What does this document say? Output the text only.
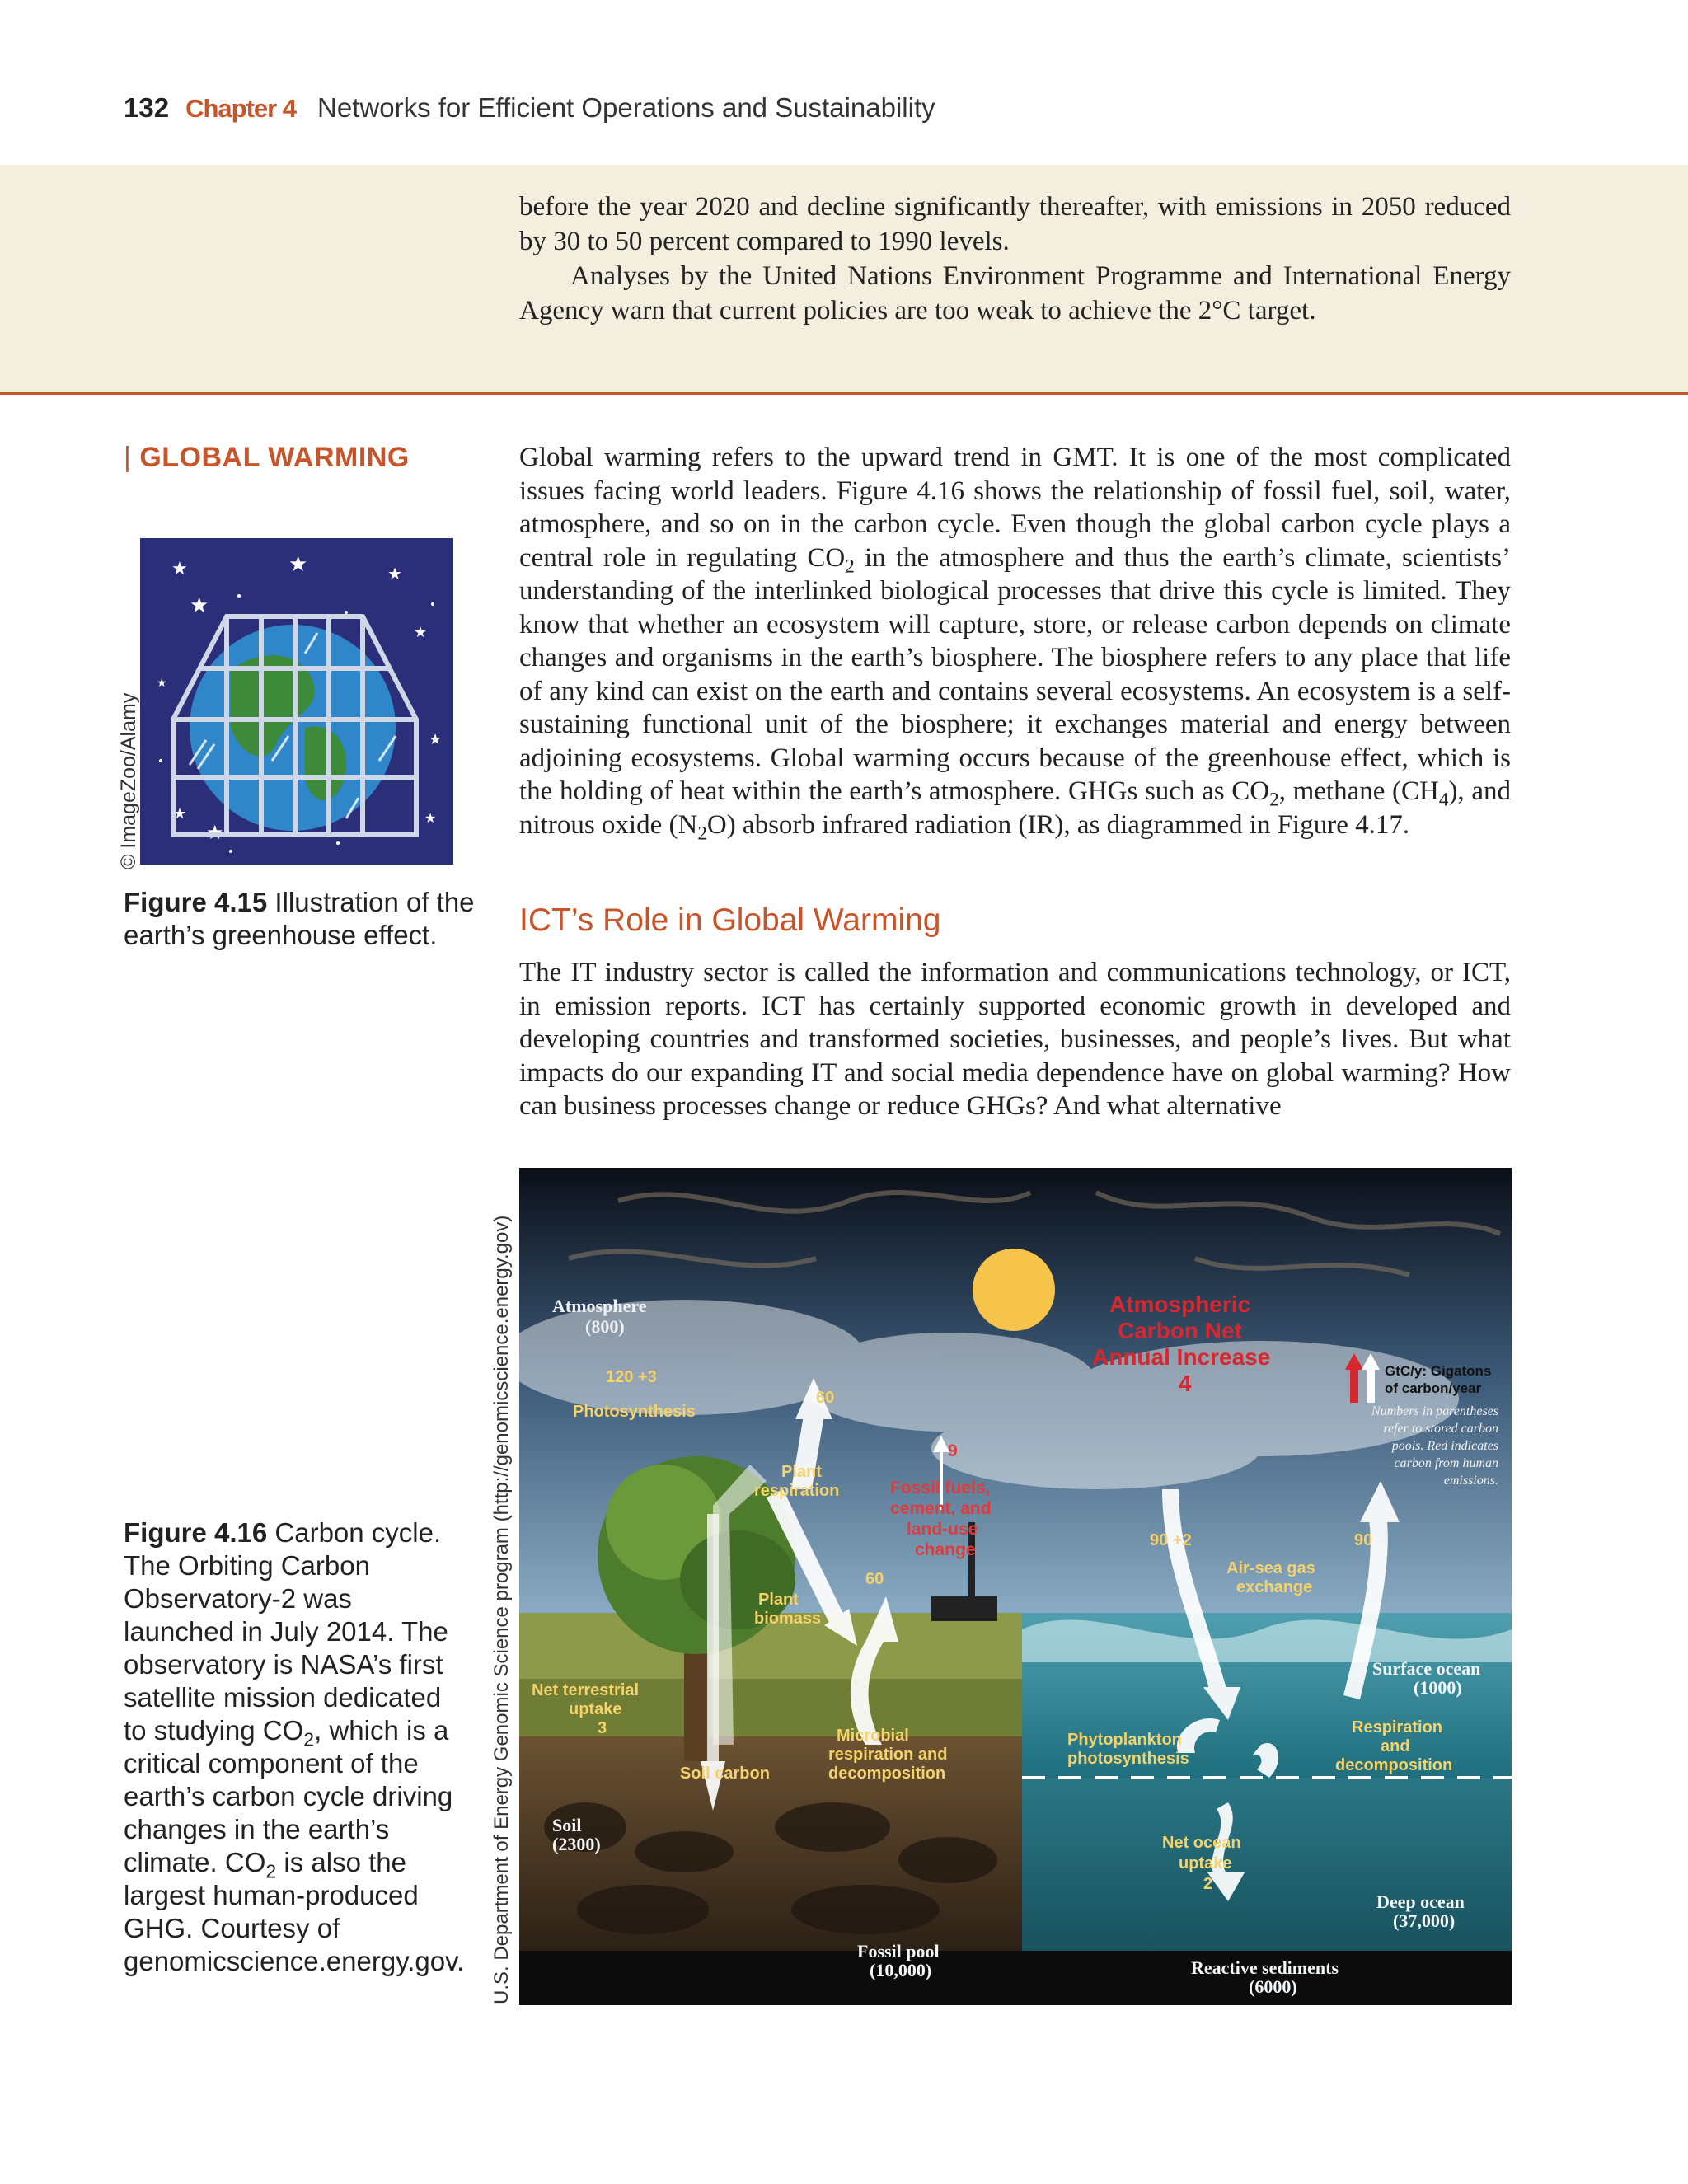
132 Chapter 4 Networks for Efficient Operations and Sustainability

before the year 2020 and decline significantly thereafter, with emissions in 2050 reduced by 30 to 50 percent compared to 1990 levels.

Analyses by the United Nations Environment Programme and International Energy Agency warn that current policies are too weak to achieve the 2°C target.

| GLOBAL WARMING	Global warming refers to the upward trend in GMT. It is one of the most complicated issues facing world leaders. Figure 4.16 shows the relationship of fossil fuel, soil, water, atmosphere, and so on in the carbon cycle. Even though the global carbon cycle plays a central role in regulating $CO_2$ in the atmosphere and thus the earth’s climate, scientists’ understanding of the interlinked biological processes that drive this cycle is limited. They know that whether an ecosystem will capture, store, or release carbon depends on climate changes and organisms in the earth’s biosphere. The biosphere refers to any place that life of any kind can exist on the earth and contains several ecosystems. An ecosystem is a self-sustaining functional unit of the biosphere; it exchanges material and energy between adjoining ecosystems. Global warming occurs because of the greenhouse effect, which is the holding of heat within the earth’s atmosphere. GHGs such as $CO_2$, methane $(CH_4)$, and nitrous oxide $(N_2O)$ absorb infrared radiation (IR), as diagrammed in Figure 4.17.

ICT’s Role in Global Warming

The IT industry sector is called the information and communications technology, or ICT, in emission reports. ICT has certainly supported economic growth in developed and developing countries and transformed societies, businesses, and people’s lives. But what impacts do our expanding IT and social media dependence have on global warming? How can business processes change or reduce GHGs? And what alternative

★	★	★
★
★
★
★
★
★
★
© ImageZoo/Alamy
Figure 4.15 Illustration of the earth’s greenhouse effect.
Figure 4.16 Carbon cycle. The Orbiting Carbon Observatory-2 was launched in July 2014. The observatory is NASA’s first satellite mission dedicated to studying $CO_2$, which is a critical component of the earth’s carbon cycle driving changes in the earth’s climate. $CO_2$ is also the largest human-produced GHG. Courtesy of genomicscience.energy.gov. U.S. Department of Energy Genomic Science program (http://genomicscience.energy.gov) Atmosphere
(800)
120 +3
Photosynthesis
60
Plant
respiration
60
Plant
biomass
90 +2	90
Air-sea gas
exchange
Net terrestrial
uptake
3	Microbial
respiration and
decomposition
Soil carbon
Phytoplankton
photosynthesis
Respiration
and
decomposition
Net ocean
uptake
2
9
Fossil fuels,
cement, and
land-use
change
Atmospheric
Carbon Net
Annual Increase
4	GtC/y: Gigatons
of carbon/year
Numbers in parentheses
refer to stored carbon
pools. Red indicates
carbon from human
emissions.
Surface ocean
(1000)
Soil
(2300)
Deep ocean
(37,000)
Fossil pool
(10,000)	Reactive sediments
(6000)
